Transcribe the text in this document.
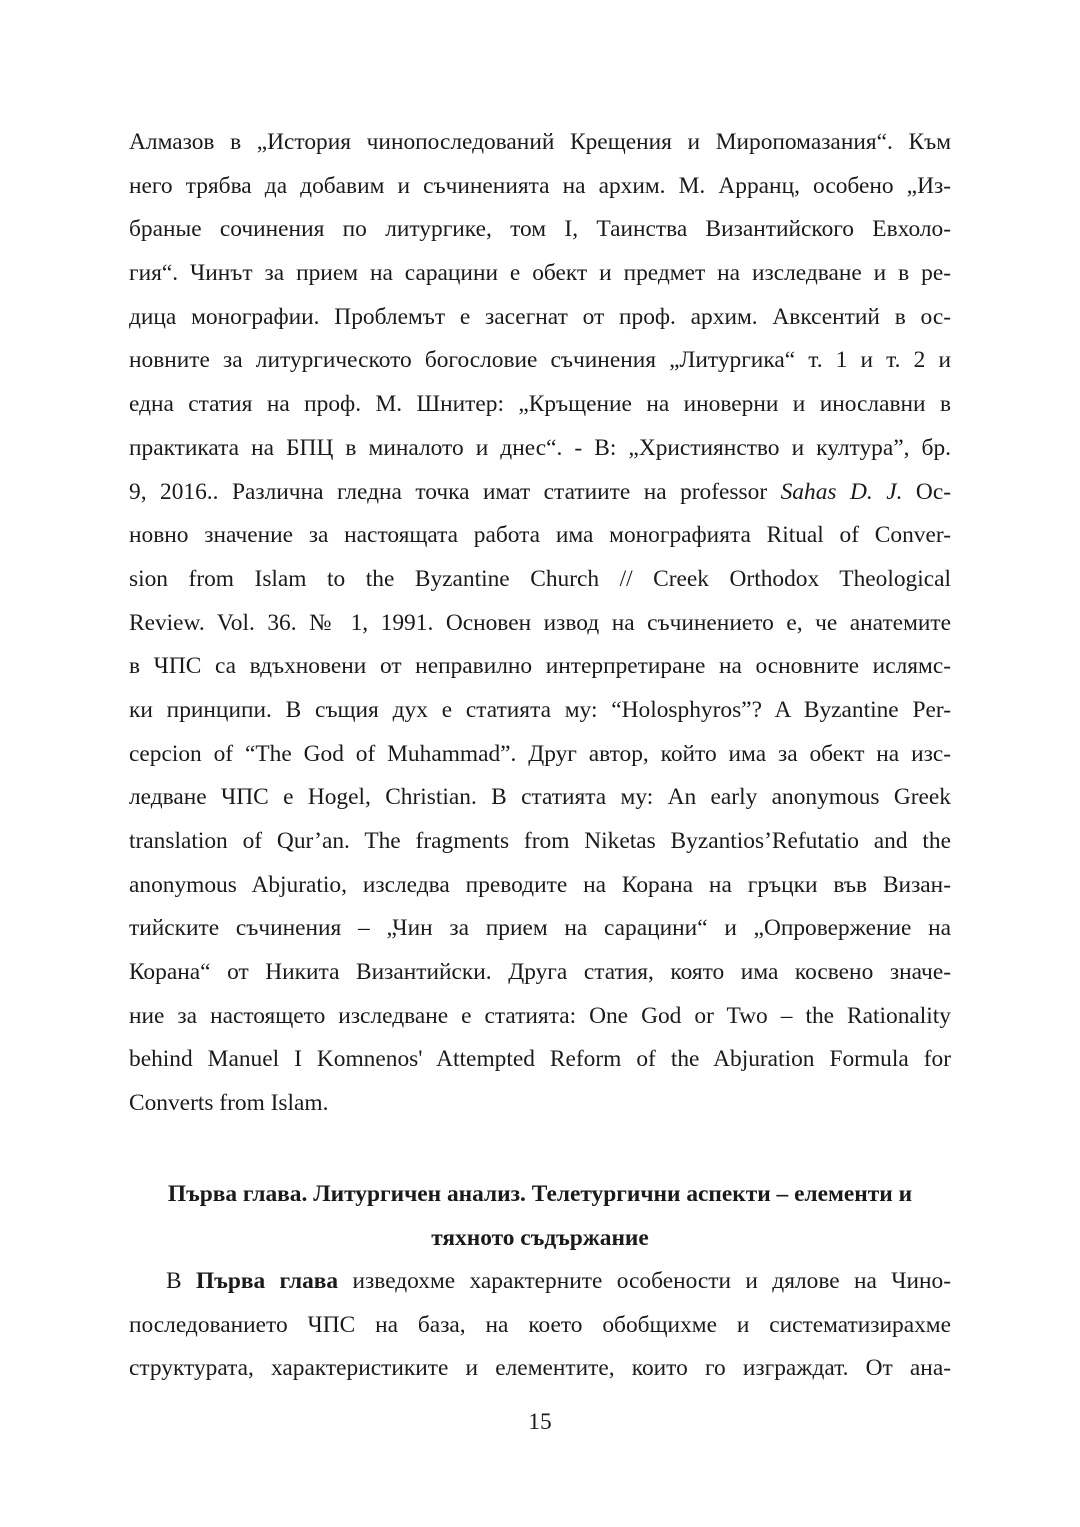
Алмазов в „История чинопоследований Крещения и Миропомазания“. Към
него трябва да добавим и съчиненията на архим. М. Арранц, особено „Из-
браные сочинения по литургике, том I, Таинства Византийского Евхоло-
гия“. Чинът за прием на сарацини е обект и предмет на изследване и в ре-
дица монографии. Проблемът е засегнат от проф. архим. Авксентий в ос-
новните за литургическото богословие съчинения „Литургика“ т. 1 и т. 2 и
една статия на проф. М. Шнитер: „Кръщение на иноверни и инославни в
практиката на БПЦ в миналото и днес“. - В: „Християнство и култура”, бр.
9, 2016.. Различна гледна точка имат статиите на professor Sahas D. J. Ос-
новно значение за настоящата работа има монографията Ritual of Conver-
sion from Islam to the Byzantine Church // Creek Orthodox Theological
Review. Vol. 36. № 1, 1991. Основен извод на съчинението е, че анатемите
в ЧПС са вдъхновени от неправилно интерпретиране на основните ислямс-
ки принципи. В същия дух е статията му: “Holosphyros”? A Byzantine Per-
cepcion of “The God of Muhammad”. Друг автор, който има за обект на изс-
ледване ЧПС е Hogel, Christian. В статията му: An early anonymous Greek
translation of Qur’an. The fragments from Niketas Byzantios’Refutatio and the
anonymous Abjuratio, изследва преводите на Корана на гръцки във Визан-
тийските съчинения – „Чин за прием на сарацини“ и „Опровержение на
Корана“ от Никита Византийски. Друга статия, която има косвено значе-
ние за настоящето изследване е статията: One God or Two – the Rationality
behind Manuel I Komnenos' Attempted Reform of the Abjuration Formula for
Converts from Islam.
Първа глава. Литургичен анализ. Телетургични аспекти – елементи и
тяхното съдържание
В Първа глава изведохме характерните особености и дялове на Чино-
последованието ЧПС на база, на което обобщихме и систематизирахме
структурата, характеристиките и елементите, които го изграждат. От ана-
15
